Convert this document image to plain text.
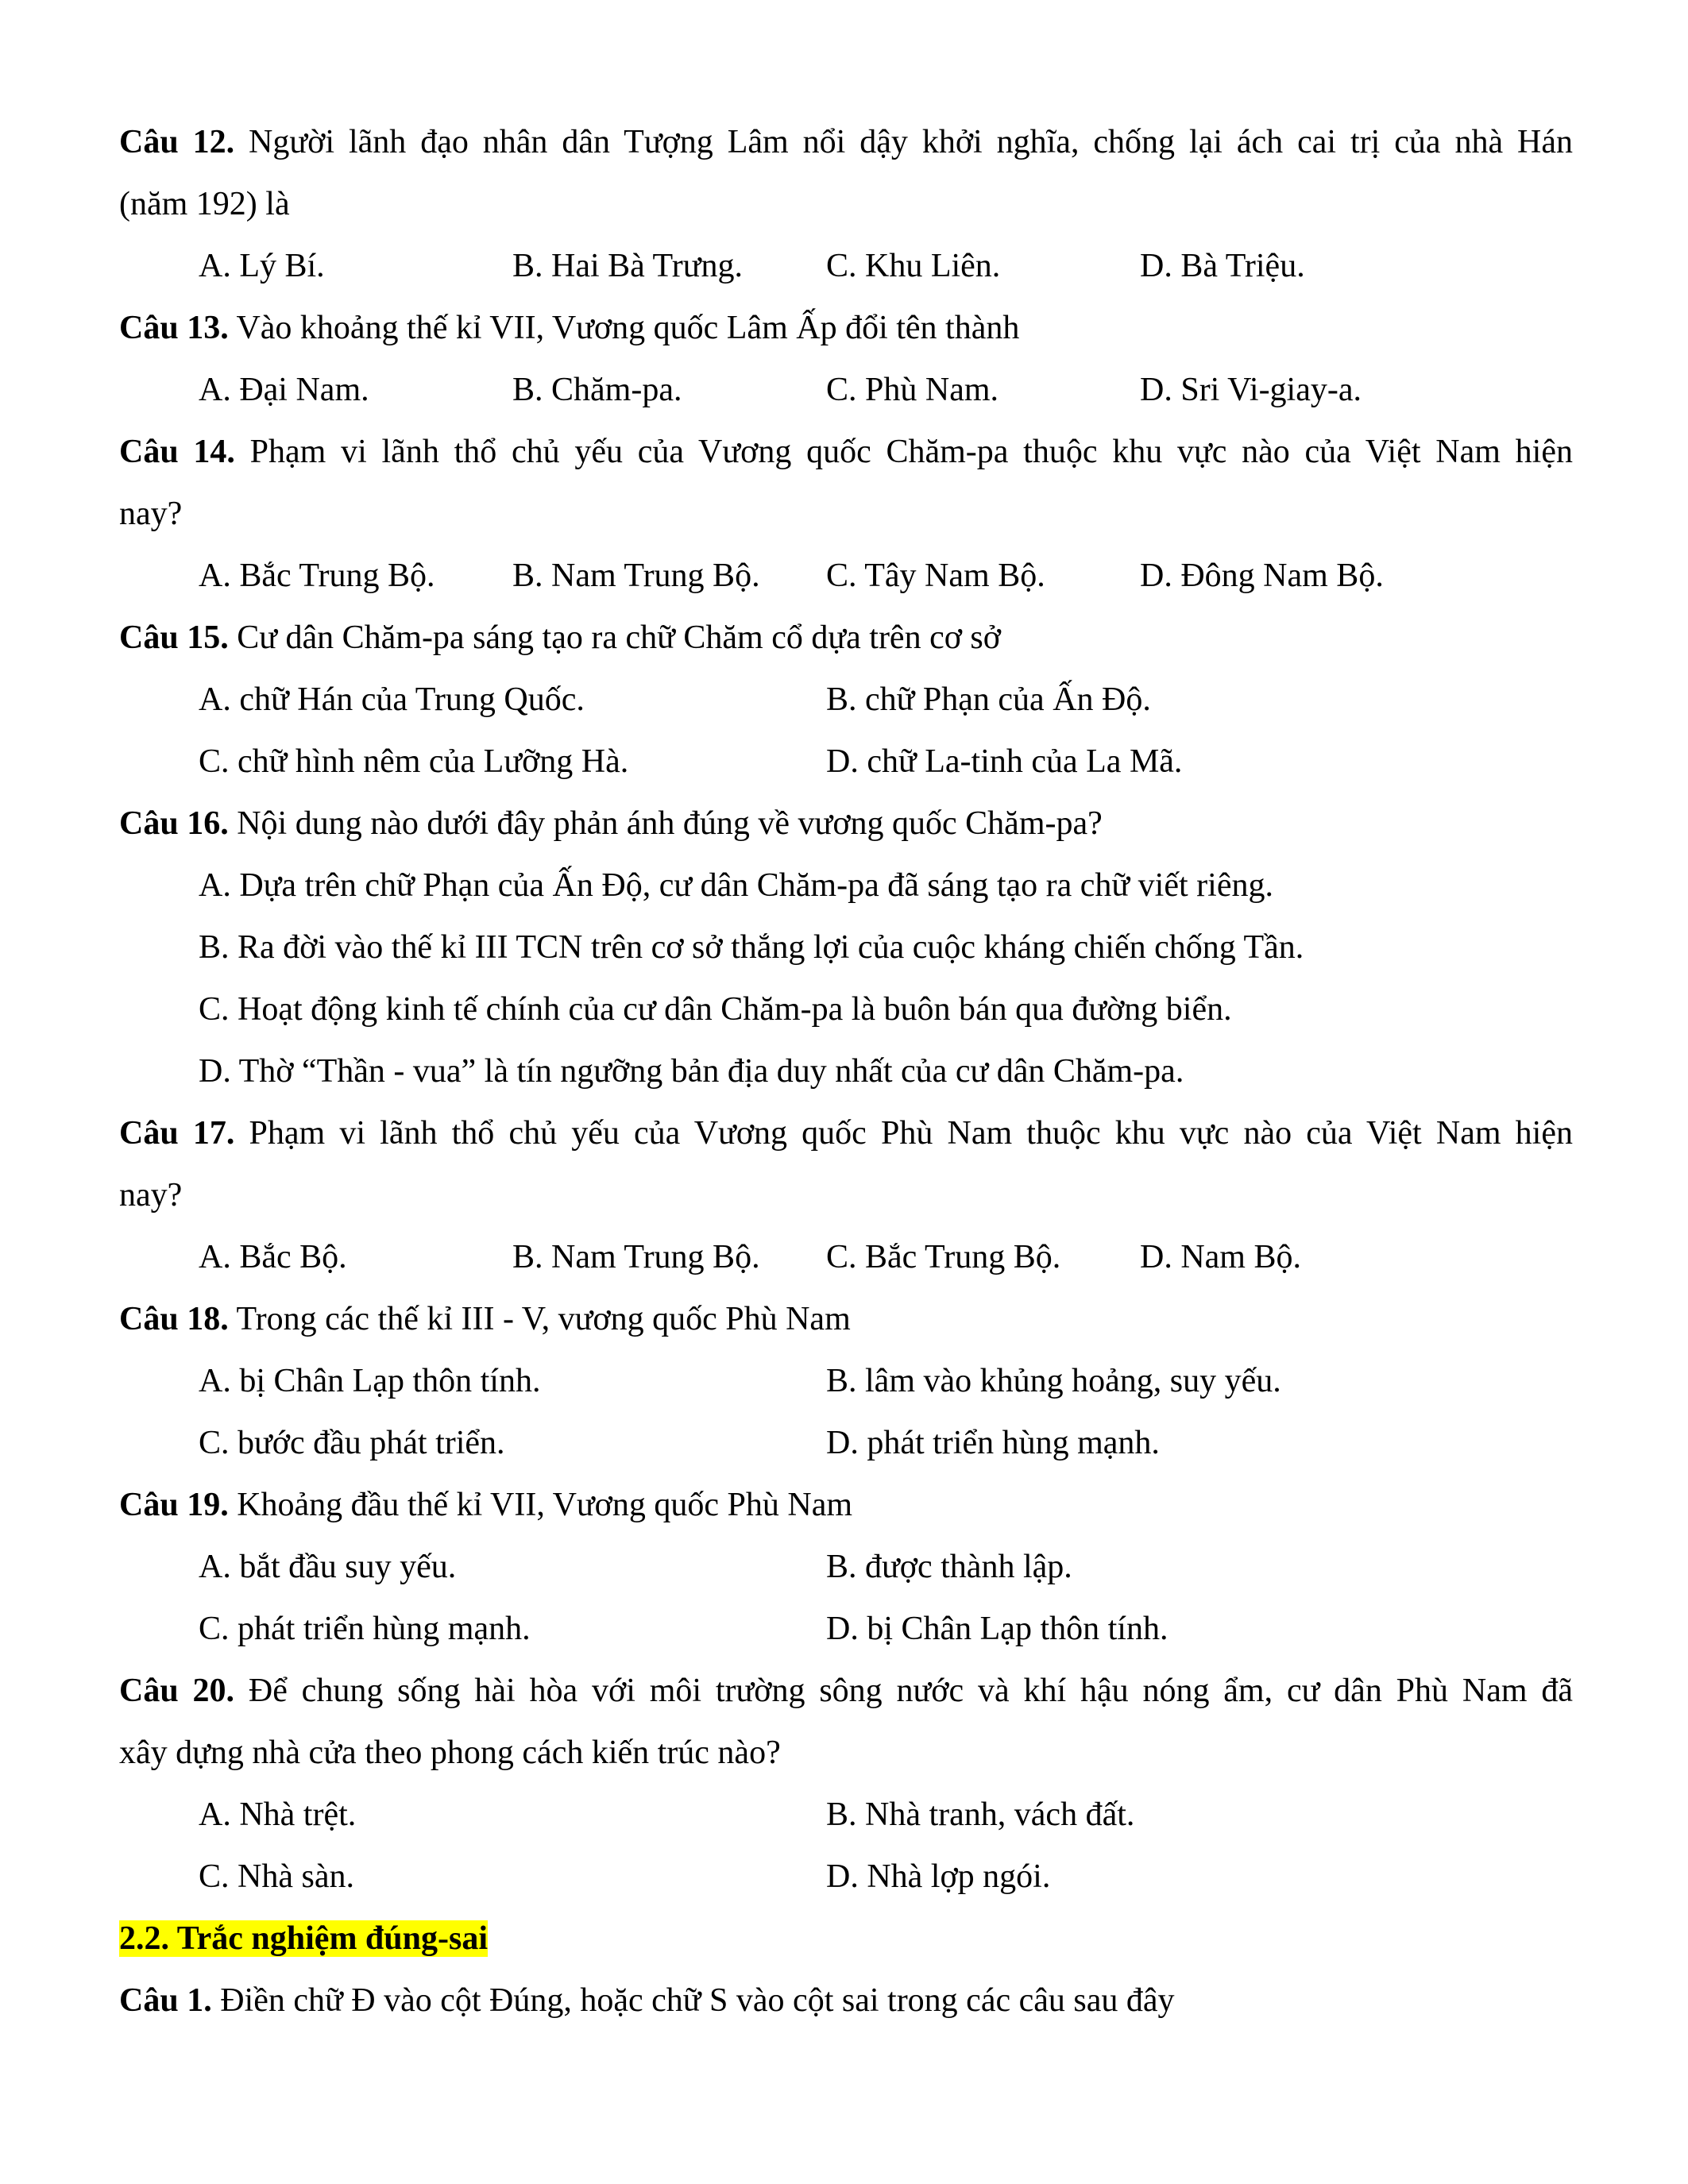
Câu 12. Người lãnh đạo nhân dân Tượng Lâm nổi dậy khởi nghĩa, chống lại ách cai trị của nhà Hán
(năm 192) là
A. Lý Bí.	B. Hai Bà Trưng.	C. Khu Liên.	D. Bà Triệu.
Câu 13. Vào khoảng thế kỉ VII, Vương quốc Lâm Ấp đổi tên thành
A. Đại Nam.	B. Chăm-pa.	C. Phù Nam.	D. Sri Vi-giay-a.
Câu 14. Phạm vi lãnh thổ chủ yếu của Vương quốc Chăm-pa thuộc khu vực nào của Việt Nam hiện
nay?
A. Bắc Trung Bộ. B. Nam Trung Bộ. C. Tây Nam Bộ.	D. Đông Nam Bộ.
Câu 15. Cư dân Chăm-pa sáng tạo ra chữ Chăm cổ dựa trên cơ sở
A. chữ Hán của Trung Quốc.	B. chữ Phạn của Ấn Độ.
C. chữ hình nêm của Lưỡng Hà.	D. chữ La-tinh của La Mã.
Câu 16. Nội dung nào dưới đây phản ánh đúng về vương quốc Chăm-pa?
A. Dựa trên chữ Phạn của Ấn Độ, cư dân Chăm-pa đã sáng tạo ra chữ viết riêng.
B. Ra đời vào thế kỉ III TCN trên cơ sở thắng lợi của cuộc kháng chiến chống Tần.
C. Hoạt động kinh tế chính của cư dân Chăm-pa là buôn bán qua đường biển.
D. Thờ “Thần - vua” là tín ngưỡng bản địa duy nhất của cư dân Chăm-pa.
Câu 17. Phạm vi lãnh thổ chủ yếu của Vương quốc Phù Nam thuộc khu vực nào của Việt Nam hiện
nay?
A. Bắc Bộ.	B. Nam Trung Bộ. C. Bắc Trung Bộ. D. Nam Bộ.
Câu 18. Trong các thế kỉ III - V, vương quốc Phù Nam
A. bị Chân Lạp thôn tính.	B. lâm vào khủng hoảng, suy yếu.
C. bước đầu phát triển.	D. phát triển hùng mạnh.
Câu 19. Khoảng đầu thế kỉ VII, Vương quốc Phù Nam
A. bắt đầu suy yếu.	B. được thành lập.
C. phát triển hùng mạnh.	D. bị Chân Lạp thôn tính.
Câu 20. Để chung sống hài hòa với môi trường sông nước và khí hậu nóng ẩm, cư dân Phù Nam đã
xây dựng nhà cửa theo phong cách kiến trúc nào?
A. Nhà trệt.	B. Nhà tranh, vách đất.
C. Nhà sàn.	D. Nhà lợp ngói.
2.2. Trắc nghiệm đúng-sai
Câu 1. Điền chữ Đ vào cột Đúng, hoặc chữ S vào cột sai trong các câu sau đây
